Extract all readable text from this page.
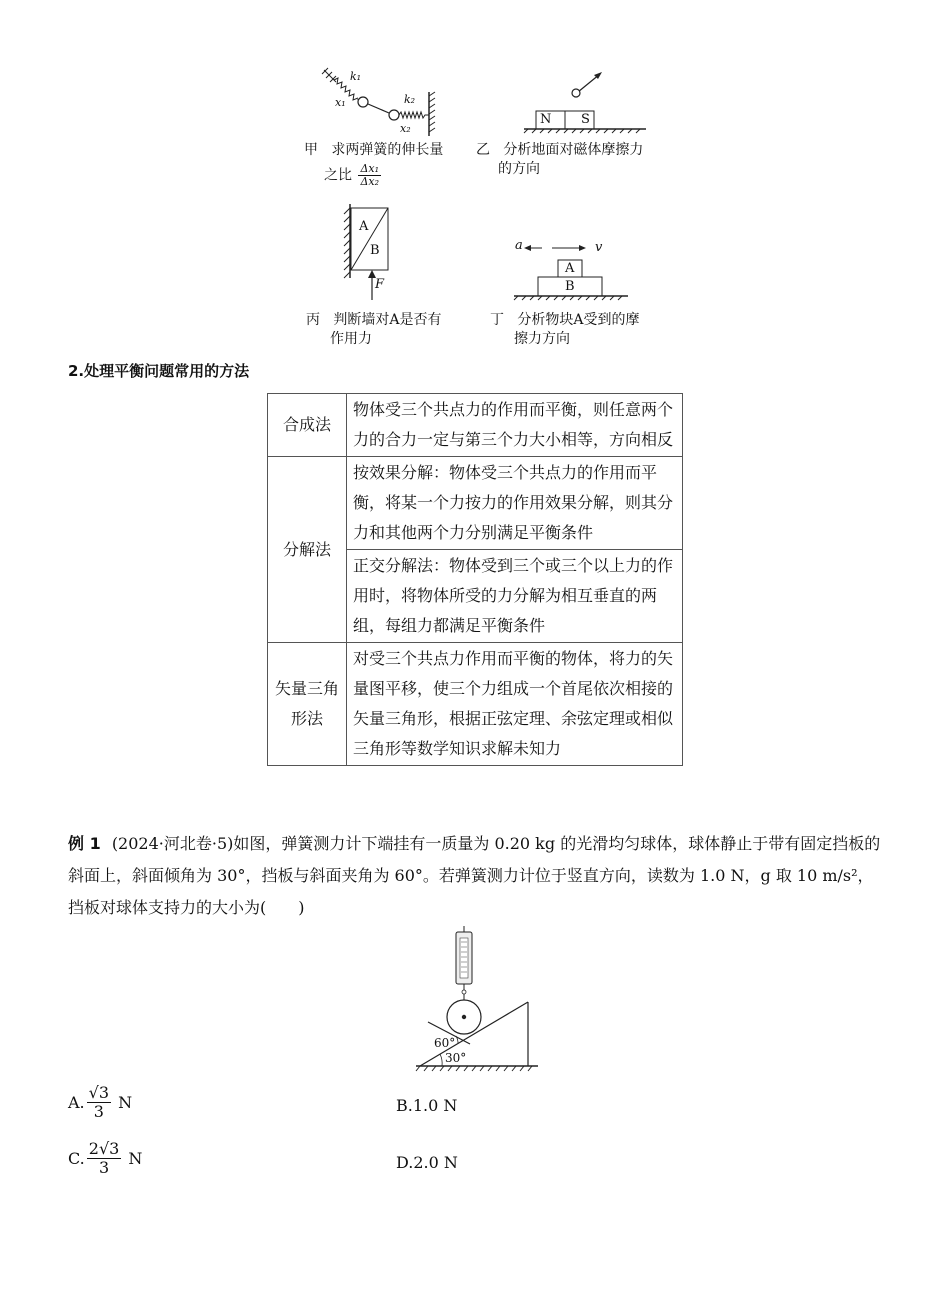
k₁
x₁	k₂
x₂
甲 求两弹簧的伸长量
之比 $\frac{\text{Δx₁}}{\text{Δx₂}}$
N S
乙 分析地面对磁体摩擦力
的方向
A
B
F
丙 判断墙对A是否有
作用力
a	v
A
B
丁 分析物块A受到的摩
擦力方向
2.处理平衡问题常用的方法
合成法	物体受三个共点力的作用而平衡，则任意两个力的合力一定与第三个力大小相等，方向相反
分解法	按效果分解：物体受三个共点力的作用而平衡，将某一个力按力的作用效果分解，则其分力和其他两个力分别满足平衡条件
	正交分解法：物体受到三个或三个以上力的作用时，将物体所受的力分解为相互垂直的两组，每组力都满足平衡条件
矢量三角形法	对受三个共点力作用而平衡的物体，将力的矢量图平移，使三个力组成一个首尾依次相接的矢量三角形，根据正弦定理、余弦定理或相似三角形等数学知识求解未知力
例 1 (2024·河北卷·5)如图，弹簧测力计下端挂有一质量为 0.20 kg 的光滑均匀球体，球体静止于带有固定挡板的斜面上，斜面倾角为 30°，挡板与斜面夹角为 60°。若弹簧测力计位于竖直方向，读数为 1.0 N，g 取 10 m/s²，挡板对球体支持力的大小为(　　)
60°
30°
A. $\frac{√3}{3}$ N	B.1.0 N
C. $\frac{2√3}{3}$ N	D.2.0 N
